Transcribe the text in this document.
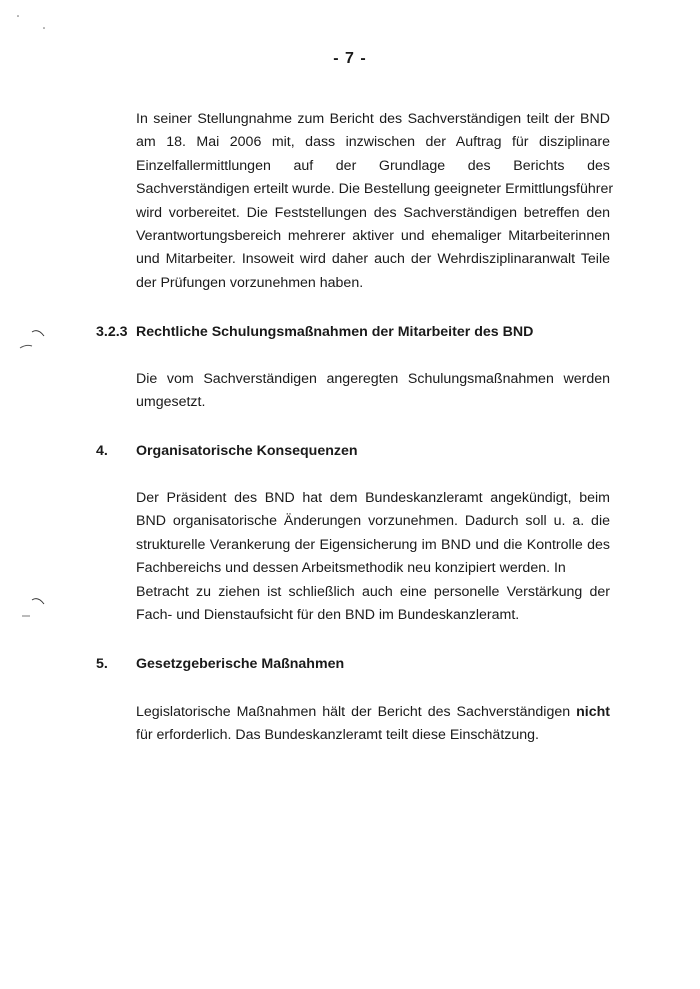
- 7 -

In seiner Stellungnahme zum Bericht des Sachverständigen teilt der BND
am 18. Mai 2006 mit, dass inzwischen der Auftrag für disziplinare
Einzelfallermittlungen auf der Grundlage des Berichts des
Sachverständigen erteilt wurde. Die Bestellung geeigneter Ermittlungsführer
wird vorbereitet. Die Feststellungen des Sachverständigen betreffen den
Verantwortungsbereich mehrerer aktiver und ehemaliger Mitarbeiterinnen
und Mitarbeiter. Insoweit wird daher auch der Wehrdisziplinaranwalt Teile
der Prüfungen vorzunehmen haben.

3.2.3 Rechtliche Schulungsmaßnahmen der Mitarbeiter des BND

Die vom Sachverständigen angeregten Schulungsmaßnahmen werden
umgesetzt.

4. Organisatorische Konsequenzen

Der Präsident des BND hat dem Bundeskanzleramt angekündigt, beim
BND organisatorische Änderungen vorzunehmen. Dadurch soll u. a. die
strukturelle Verankerung der Eigensicherung im BND und die Kontrolle des
Fachbereichs und dessen Arbeitsmethodik neu konzipiert werden. In
Betracht zu ziehen ist schließlich auch eine personelle Verstärkung der
Fach- und Dienstaufsicht für den BND im Bundeskanzleramt.

5. Gesetzgeberische Maßnahmen

Legislatorische Maßnahmen hält der Bericht des Sachverständigen nicht
für erforderlich. Das Bundeskanzleramt teilt diese Einschätzung.
